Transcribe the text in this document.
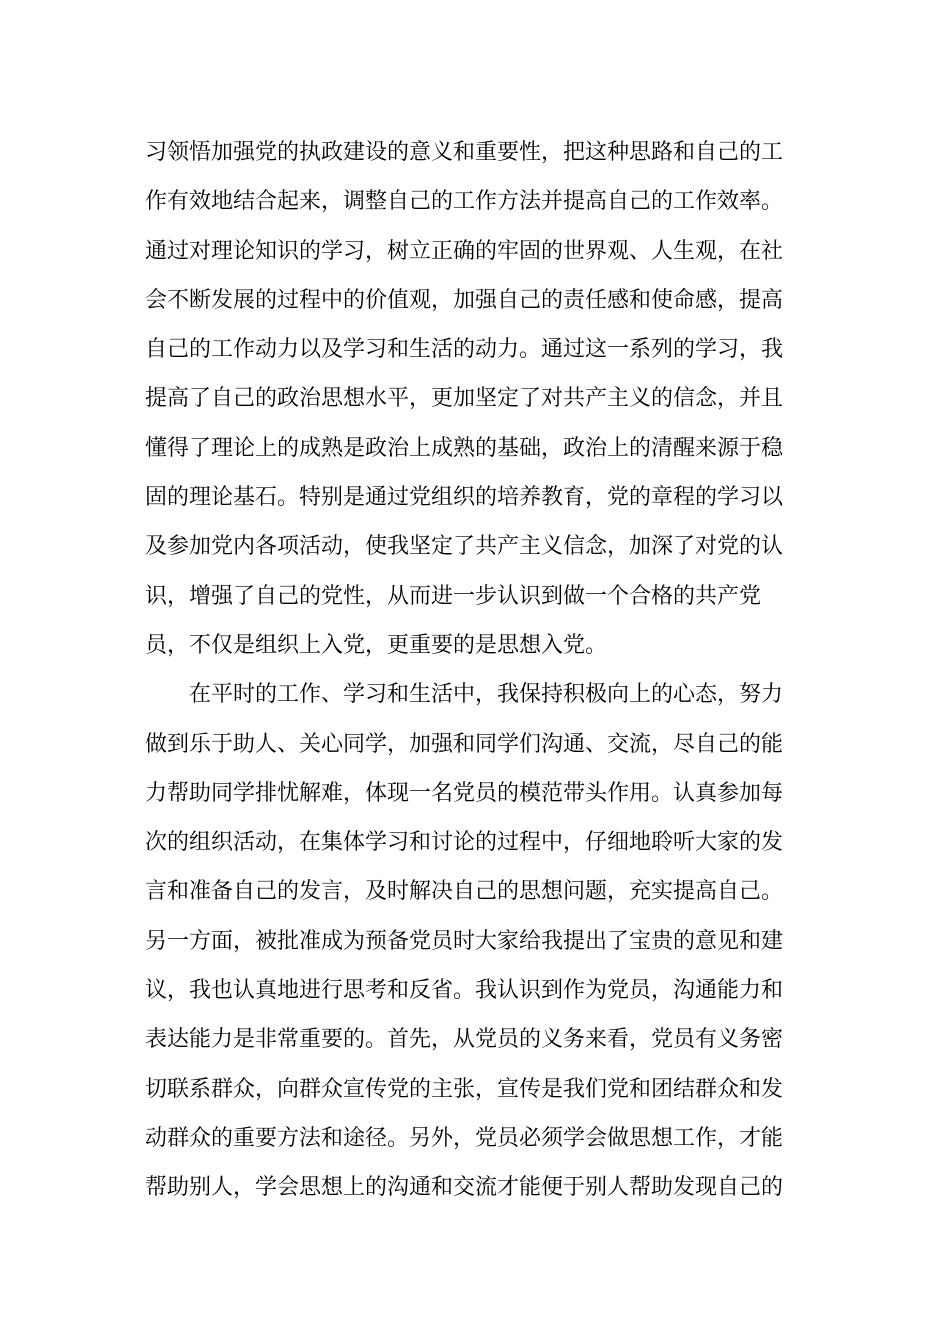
习领悟加强党的执政建设的意义和重要性，把这种思路和自己的工
作有效地结合起来，调整自己的工作方法并提高自己的工作效率。
通过对理论知识的学习，树立正确的牢固的世界观、人生观，在社
会不断发展的过程中的价值观，加强自己的责任感和使命感，提高
自己的工作动力以及学习和生活的动力。通过这一系列的学习，我
提高了自己的政治思想水平，更加坚定了对共产主义的信念，并且
懂得了理论上的成熟是政治上成熟的基础，政治上的清醒来源于稳
固的理论基石。特别是通过党组织的培养教育，党的章程的学习以
及参加党内各项活动，使我坚定了共产主义信念，加深了对党的认
识，增强了自己的党性，从而进一步认识到做一个合格的共产党
员，不仅是组织上入党，更重要的是思想入党。
在平时的工作、学习和生活中，我保持积极向上的心态，努力
做到乐于助人、关心同学，加强和同学们沟通、交流，尽自己的能
力帮助同学排忧解难，体现一名党员的模范带头作用。认真参加每
次的组织活动，在集体学习和讨论的过程中，仔细地聆听大家的发
言和准备自己的发言，及时解决自己的思想问题，充实提高自己。
另一方面，被批准成为预备党员时大家给我提出了宝贵的意见和建
议，我也认真地进行思考和反省。我认识到作为党员，沟通能力和
表达能力是非常重要的。首先，从党员的义务来看，党员有义务密
切联系群众，向群众宣传党的主张，宣传是我们党和团结群众和发
动群众的重要方法和途径。另外，党员必须学会做思想工作，才能
帮助别人，学会思想上的沟通和交流才能便于别人帮助发现自己的
